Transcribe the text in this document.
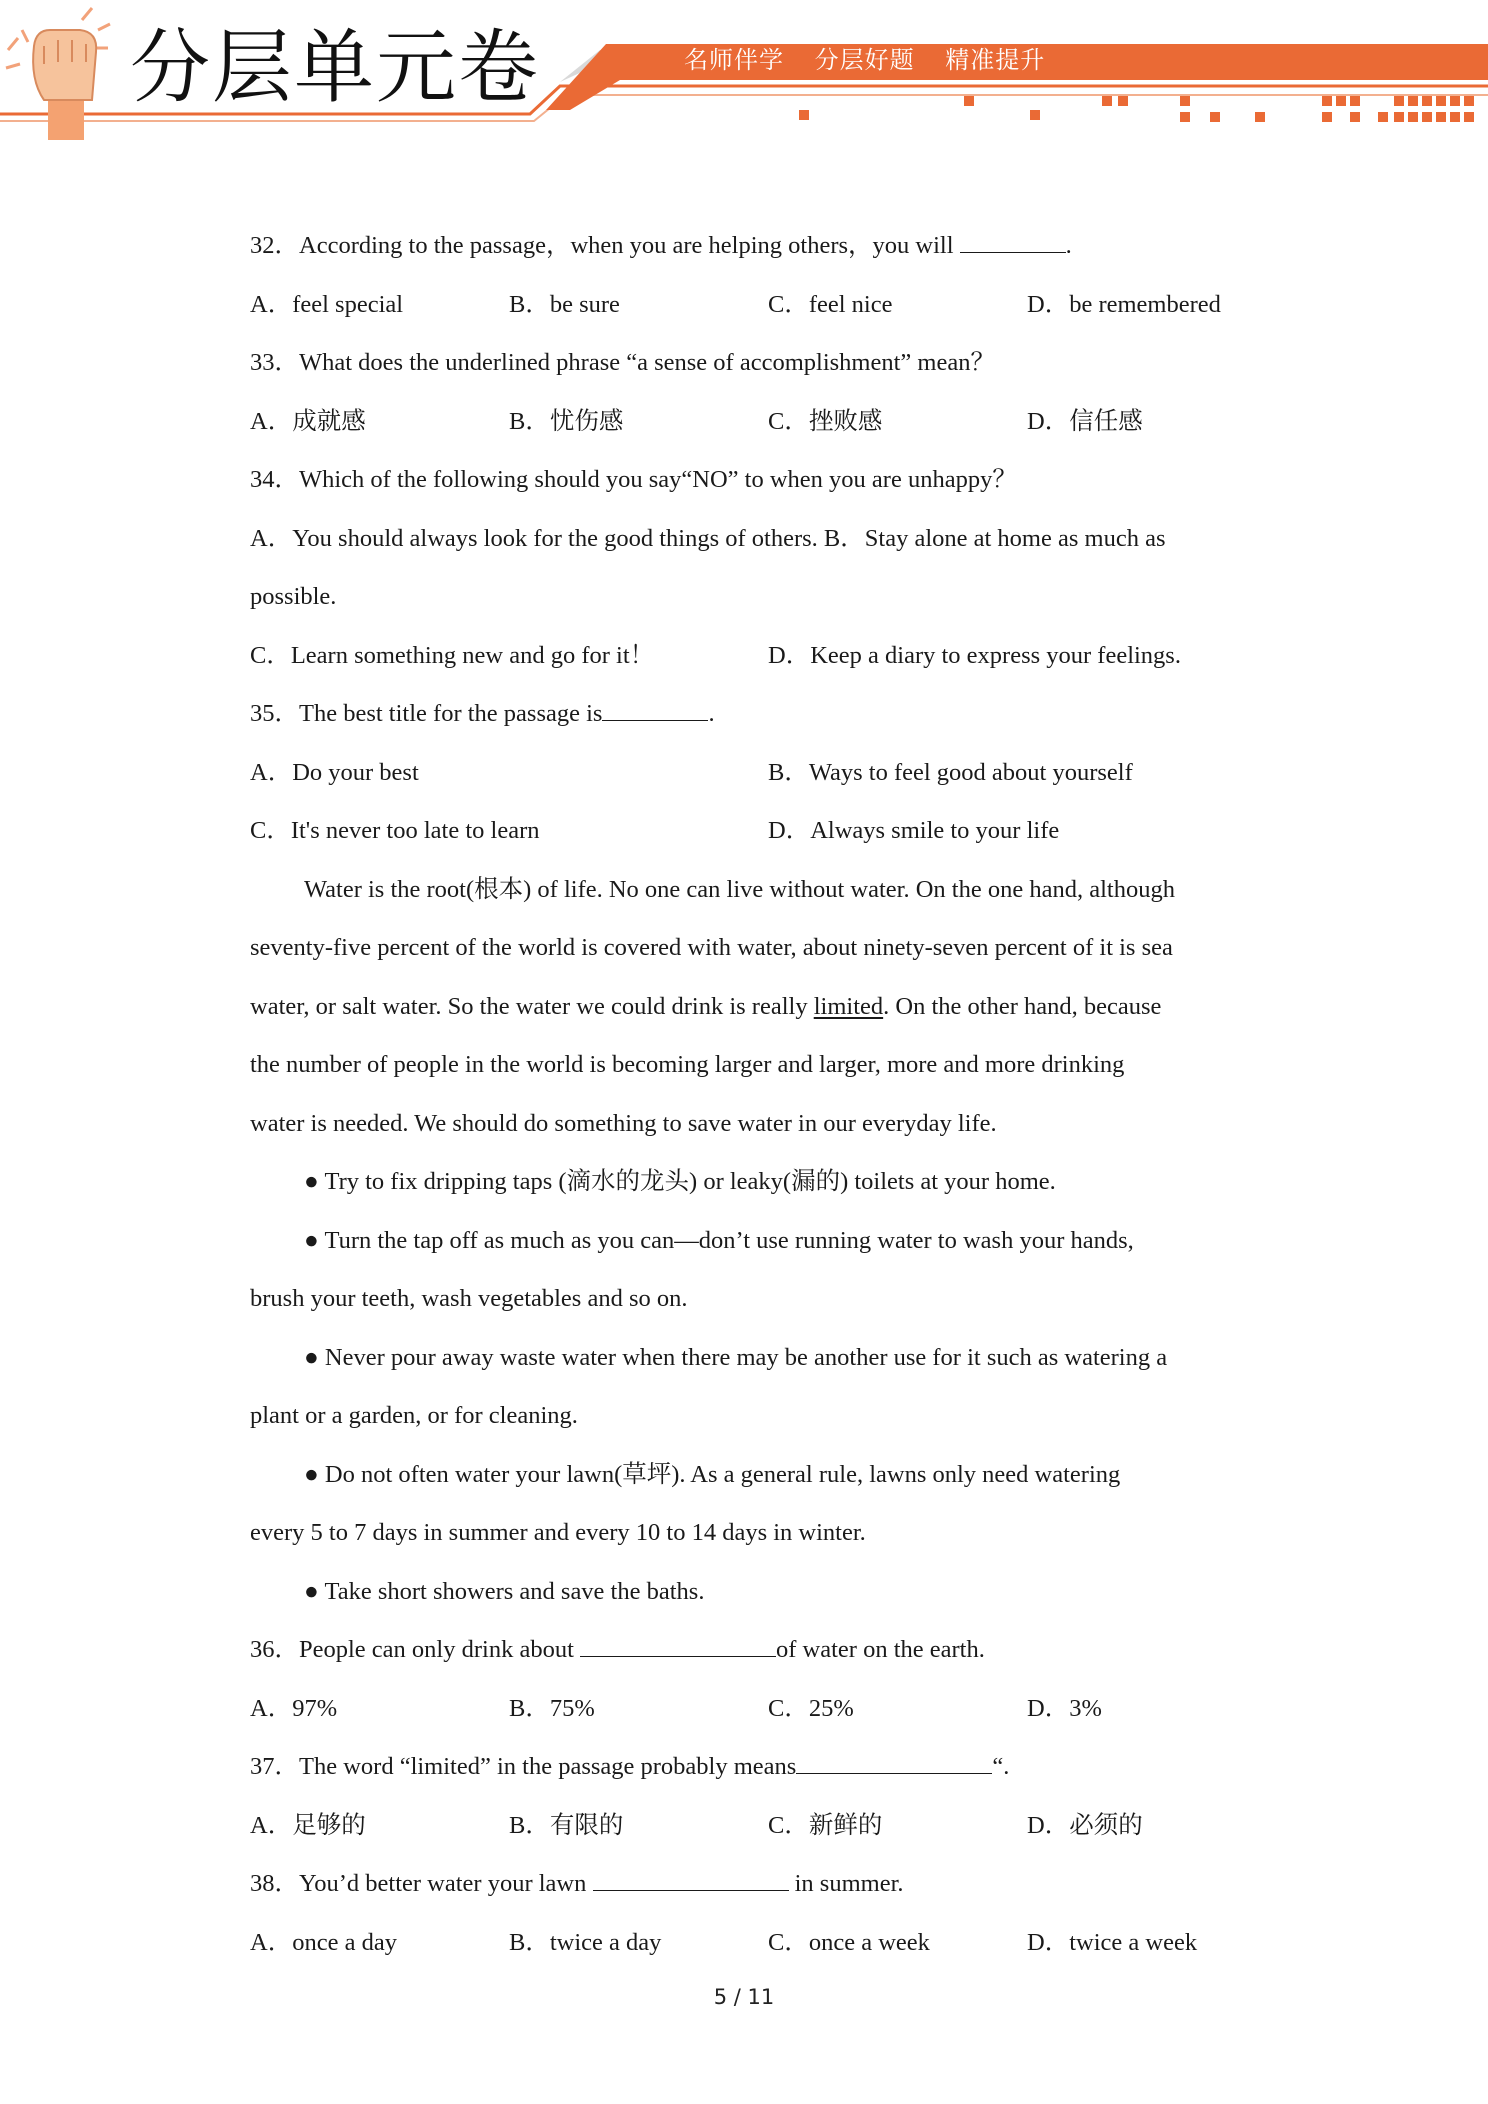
分层单元卷	名师伴学 分层好题 精准提升
32．According to the passage，when you are helping others，you will	.
A．feel special	B．be sure	C．feel nice	D．be remembered
33．What does the underlined phrase “a sense of accomplishment” mean？
A．成就感	B．忧伤感	C．挫败感	D．信任感
34．Which of the following should you say“NO” to when you are unhappy？
A．You should always look for the good things of others. B．Stay alone at home as much as
possible.
C．Learn something new and go for it！	D．Keep a diary to express your feelings.
35．The best title for the passage is	.
A．Do your best	B．Ways to feel good about yourself
C．It's never too late to learn	D．Always smile to your life
Water is the root(根本) of life. No one can live without water. On the one hand, although
seventy-five percent of the world is covered with water, about ninety-seven percent of it is sea
water, or salt water. So the water we could drink is really limited. On the other hand, because
the number of people in the world is becoming larger and larger, more and more drinking
water is needed. We should do something to save water in our everyday life.
● Try to fix dripping taps (滴水的龙头) or leaky(漏的) toilets at your home.
● Turn the tap off as much as you can—don’t use running water to wash your hands,
brush your teeth, wash vegetables and so on.
● Never pour away waste water when there may be another use for it such as watering a
plant or a garden, or for cleaning.
● Do not often water your lawn(草坪). As a general rule, lawns only need watering
every 5 to 7 days in summer and every 10 to 14 days in winter.
● Take short showers and save the baths.
36．People can only drink about	of water on the earth.
A．97%	B．75%	C．25%	D．3%
37．The word “limited” in the passage probably means	“.
A．足够的	B．有限的	C．新鲜的	D．必须的
38．You’d better water your lawn	in summer.
A．once a day	B．twice a day	C．once a week	D．twice a week
5 / 11
